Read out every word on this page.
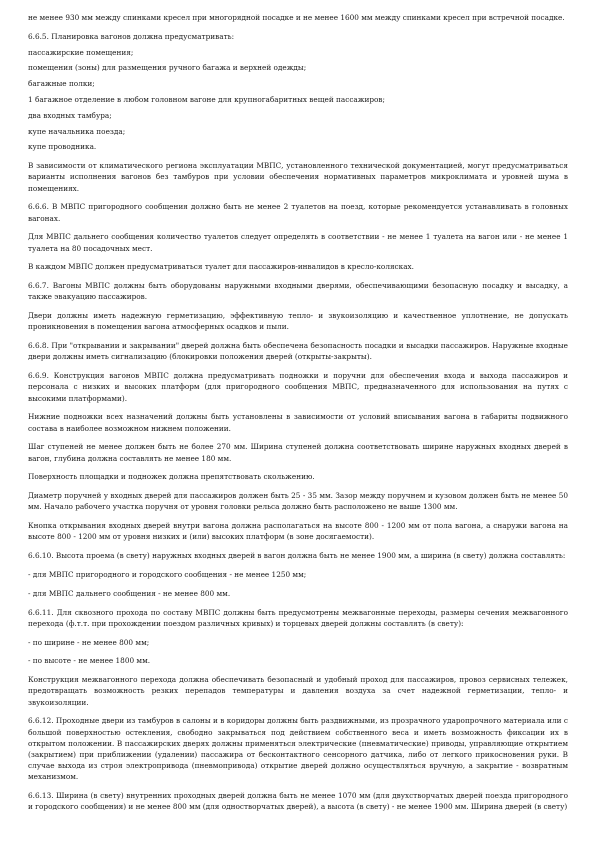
не менее 930 мм между спинками кресел при многорядной посадке и не менее 1600 мм между спинками кресел при встречной посадке.

6.6.5. Планировка вагонов должна предусматривать:

пассажирские помещения;

помещения (зоны) для размещения ручного багажа и верхней одежды;

багажные полки;

1 багажное отделение в любом головном вагоне для крупногабаритных вещей пассажиров;

два входных тамбура;

купе начальника поезда;

купе проводника.

В зависимости от климатического региона эксплуатации МВПС, установленного технической документацией, могут предусматриваться варианты исполнения вагонов без тамбуров при условии обеспечения нормативных параметров микроклимата и уровней шума в помещениях.

6.6.6. В МВПС пригородного сообщения должно быть не менее 2 туалетов на поезд, которые рекомендуется устанавливать в головных вагонах.

Для МВПС дальнего сообщения количество туалетов следует определять в соответствии - не менее 1 туалета на вагон или - не менее 1 туалета на 80 посадочных мест.

В каждом МВПС должен предусматриваться туалет для пассажиров-инвалидов в кресло-колясках.

6.6.7. Вагоны МВПС должны быть оборудованы наружными входными дверями, обеспечивающими безопасную посадку и высадку, а также эвакуацию пассажиров.

Двери должны иметь надежную герметизацию, эффективную тепло- и звукоизоляцию и качественное уплотнение, не допускать проникновения в помещения вагона атмосферных осадков и пыли.

6.6.8. При "открывании и закрывании" дверей должна быть обеспечена безопасность посадки и высадки пассажиров. Наружные входные двери должны иметь сигнализацию (блокировки положения дверей (открыты-закрыты).

6.6.9. Конструкция вагонов МВПС должна предусматривать подножки и поручни для обеспечения входа и выхода пассажиров и персонала с низких и высоких платформ (для пригородного сообщения МВПС, предназначенного для использования на путях с высокими платформами).

Нижние подножки всех назначений должны быть установлены в зависимости от условий вписывания вагона в габариты подвижного состава в наиболее возможном нижнем положении.

Шаг ступеней не менее должен быть не более 270 мм. Ширина ступеней должна соответствовать ширине наружных входных дверей в вагон, глубина должна составлять не менее 180 мм.

Поверхность площадки и подножек должна препятствовать скольжению.

Диаметр поручней у входных дверей для пассажиров должен быть 25 - 35 мм. Зазор между поручнем и кузовом должен быть не менее 50 мм. Начало рабочего участка поручня от уровня головки рельса должно быть расположено не выше 1300 мм.

Кнопка открывания входных дверей внутри вагона должна располагаться на высоте 800 - 1200 мм от пола вагона, а снаружи вагона на высоте 800 - 1200 мм от уровня низких и (или) высоких платформ (в зоне досягаемости).

6.6.10. Высота проема (в свету) наружных входных дверей в вагон должна быть не менее 1900 мм, а ширина (в свету) должна составлять:

- для МВПС пригородного и городского сообщения - не менее 1250 мм;

- для МВПС дальнего сообщения - не менее 800 мм.

6.6.11. Для сквозного прохода по составу МВПС должны быть предусмотрены межвагонные переходы, размеры сечения межвагонного перехода (ф.т.т. при прохождении поездом различных кривых) и торцевых дверей должны составлять (в свету):

- по ширине - не менее 800 мм;

- по высоте - не менее 1800 мм.

Конструкция межвагонного перехода должна обеспечивать безопасный и удобный проход для пассажиров, провоз сервисных тележек, предотвращать возможность резких перепадов температуры и давления воздуха за счет надежной герметизации, тепло- и звукоизоляции.

6.6.12. Проходные двери из тамбуров в салоны и в коридоры должны быть раздвижными, из прозрачного ударопрочного материала или с большой поверхностью остекления, свободно закрываться под действием собственного веса и иметь возможность фиксации их в открытом положении. В пассажирских дверях должны применяться электрические (пневматические) приводы, управляющие открытием (закрытием) при приближении (удалении) пассажира от бесконтактного сенсорного датчика, либо от легкого прикосновения руки. В случае выхода из строя электропривода (пневмопривода) открытие дверей должно осуществляться вручную, а закрытие - возвратным механизмом.

6.6.13. Ширина (в свету) внутренних проходных дверей должна быть не менее 1070 мм (для двухстворчатых дверей поезда пригородного и городского сообщения) и не менее 800 мм (для одностворчатых дверей), а высота (в свету) - не менее 1900 мм. Ширина дверей (в свету)
